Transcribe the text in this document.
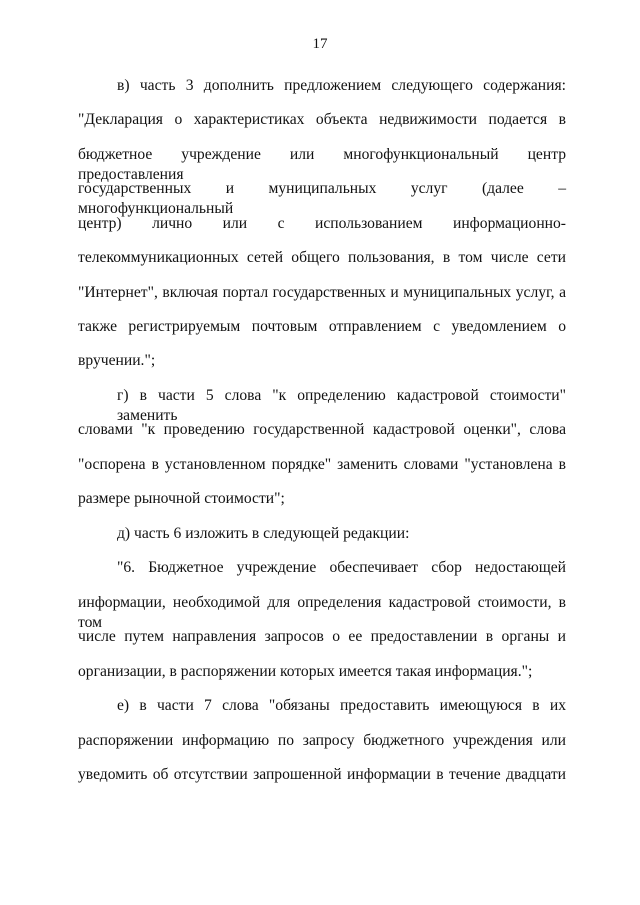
17
в) часть 3 дополнить предложением следующего содержания:
"Декларация о характеристиках объекта недвижимости подается в
бюджетное учреждение или многофункциональный центр предоставления
государственных и муниципальных услуг (далее – многофункциональный
центр) лично или с использованием информационно-
телекоммуникационных сетей общего пользования, в том числе сети
"Интернет", включая портал государственных и муниципальных услуг, а
также регистрируемым почтовым отправлением с уведомлением о
вручении.";
г) в части 5 слова "к определению кадастровой стоимости" заменить
словами "к проведению государственной кадастровой оценки", слова
"оспорена в установленном порядке" заменить словами "установлена в
размере рыночной стоимости";
д) часть 6 изложить в следующей редакции:
"6. Бюджетное учреждение обеспечивает сбор недостающей
информации, необходимой для определения кадастровой стоимости, в том
числе путем направления запросов о ее предоставлении в органы и
организации, в распоряжении которых имеется такая информация.";
е) в части 7 слова "обязаны предоставить имеющуюся в их
распоряжении информацию по запросу бюджетного учреждения или
уведомить об отсутствии запрошенной информации в течение двадцати
